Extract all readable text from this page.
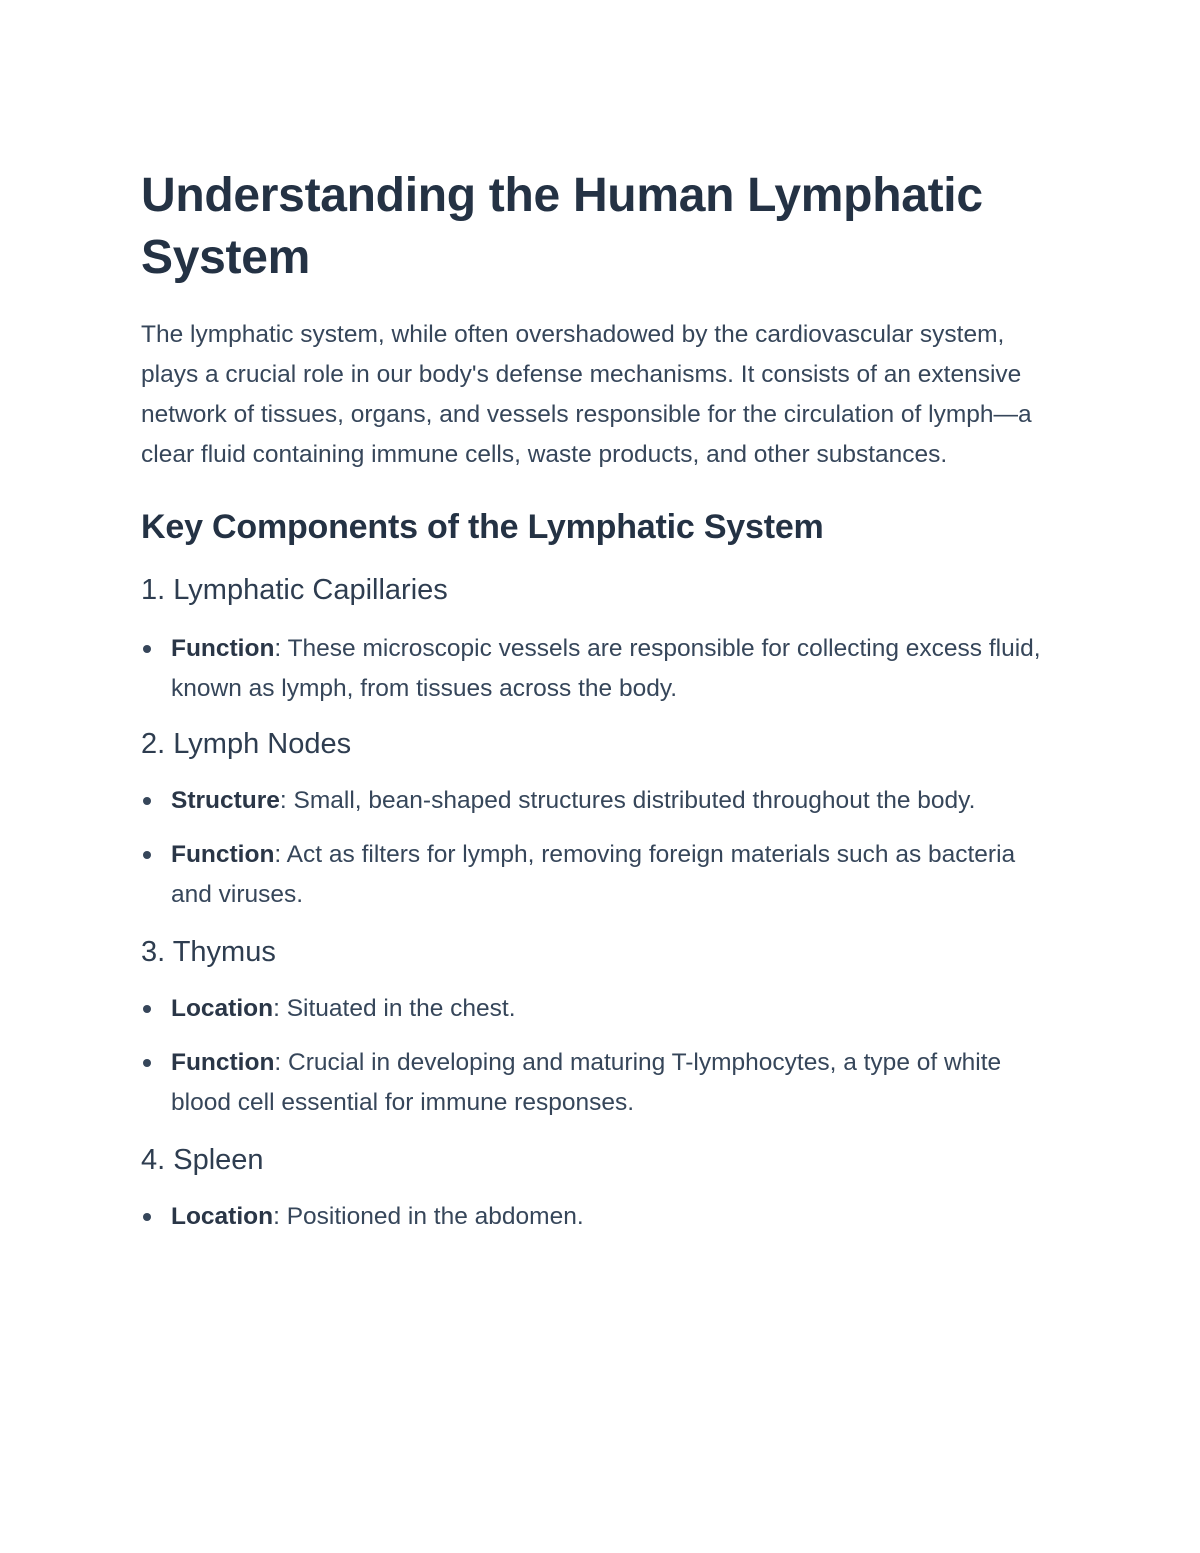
Understanding the Human Lymphatic System

The lymphatic system, while often overshadowed by the cardiovascular system, plays a crucial role in our body's defense mechanisms. It consists of an extensive network of tissues, organs, and vessels responsible for the circulation of lymph—a clear fluid containing immune cells, waste products, and other substances.

Key Components of the Lymphatic System
1. Lymphatic Capillaries
Function: These microscopic vessels are responsible for collecting excess fluid, known as lymph, from tissues across the body.
2. Lymph Nodes
Structure: Small, bean-shaped structures distributed throughout the body.
Function: Act as filters for lymph, removing foreign materials such as bacteria and viruses.
3. Thymus
Location: Situated in the chest.
Function: Crucial in developing and maturing T-lymphocytes, a type of white blood cell essential for immune responses.
4. Spleen
Location: Positioned in the abdomen.
